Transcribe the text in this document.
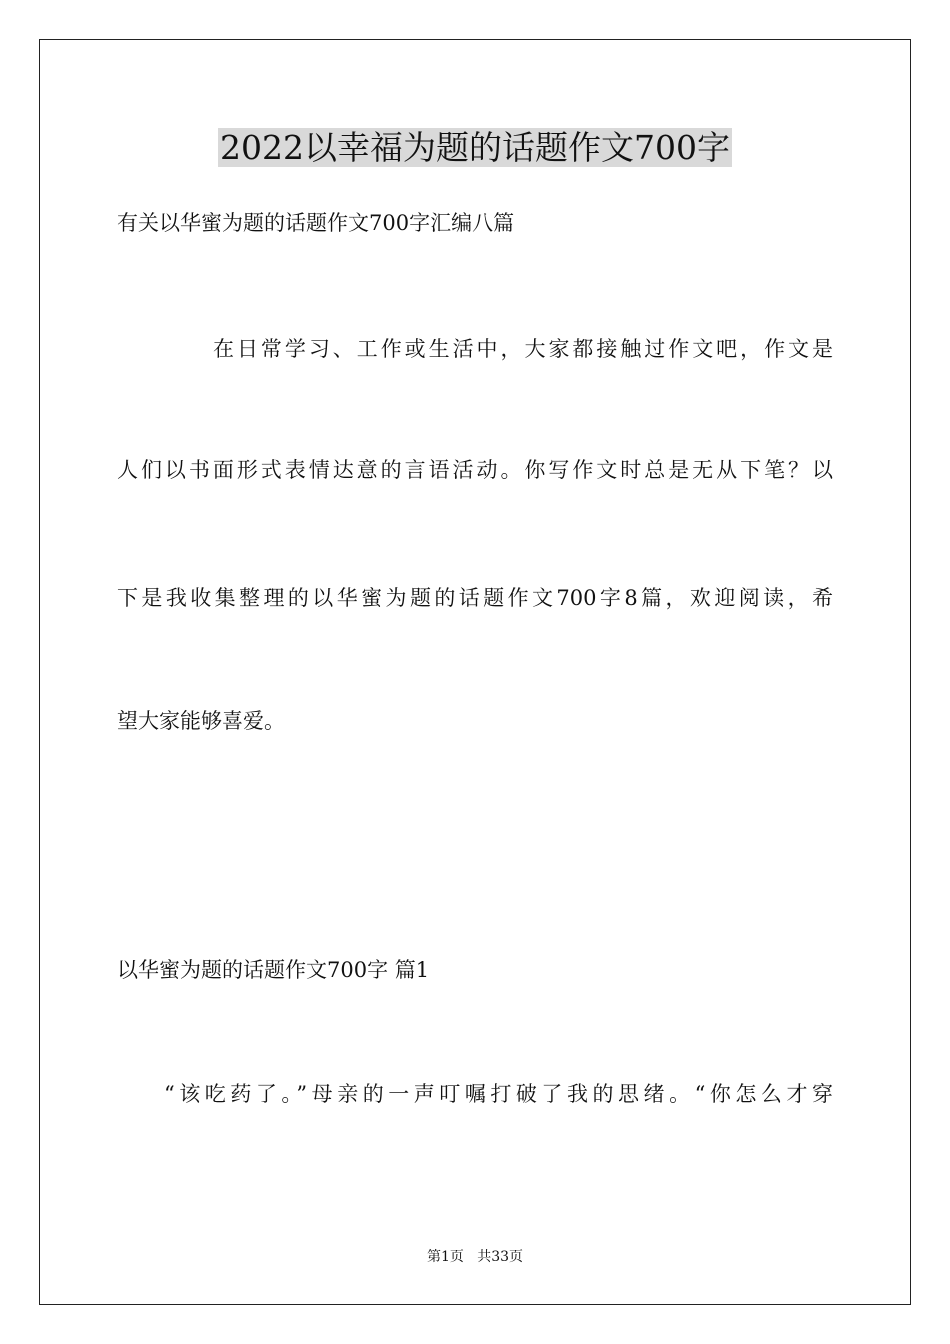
2022以幸福为题的话题作文700字
有关以华蜜为题的话题作文700字汇编八篇
在日常学习、工作或生活中，大家都接触过作文吧，作文是
人们以书面形式表情达意的言语活动。你写作文时总是无从下笔？以
下是我收集整理的以华蜜为题的话题作文700字8篇，欢迎阅读，希
望大家能够喜爱。
以华蜜为题的话题作文700字 篇1
“该吃药了。”母亲的一声叮嘱打破了我的思绪。“你怎么才穿
第1页   共33页
